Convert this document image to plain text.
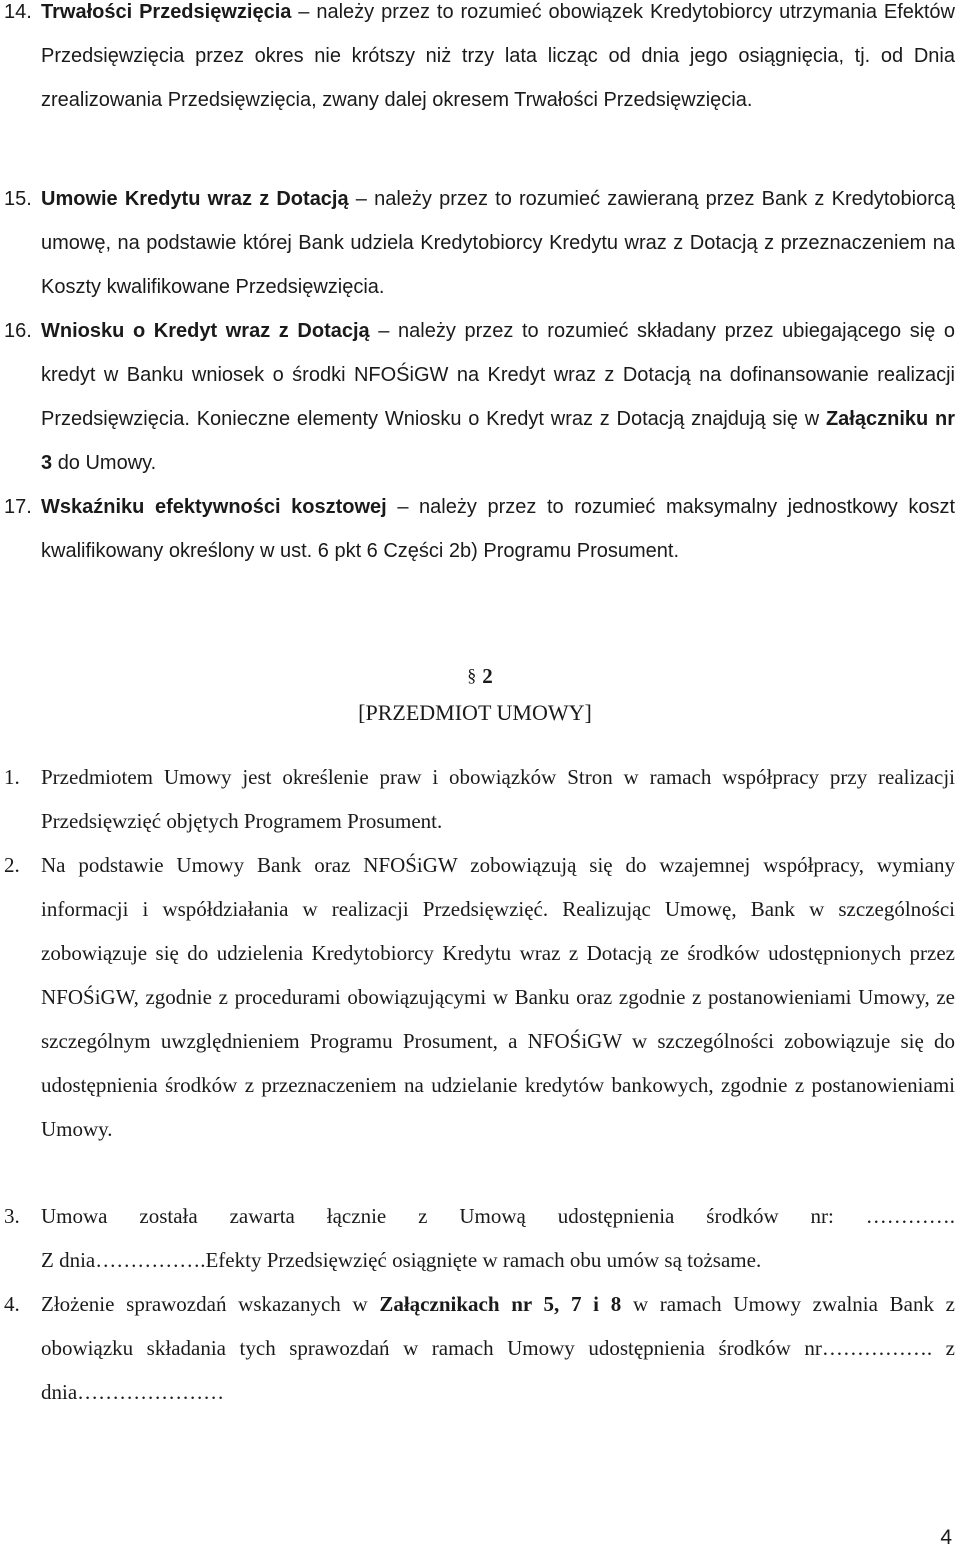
14. Trwałości Przedsięwzięcia – należy przez to rozumieć obowiązek Kredytobiorcy utrzymania Efektów Przedsięwzięcia przez okres nie krótszy niż trzy lata licząc od dnia jego osiągnięcia, tj. od Dnia zrealizowania Przedsięwzięcia, zwany dalej okresem Trwałości Przedsięwzięcia.
15. Umowie Kredytu wraz z Dotacją – należy przez to rozumieć zawieraną przez Bank z Kredytobiorcą umowę, na podstawie której Bank udziela Kredytobiorcy Kredytu wraz z Dotacją z przeznaczeniem na Koszty kwalifikowane Przedsięwzięcia.
16. Wniosku o Kredyt wraz z Dotacją – należy przez to rozumieć składany przez ubiegającego się o kredyt w Banku wniosek o środki NFOŚiGW na Kredyt wraz z Dotacją na dofinansowanie realizacji Przedsięwzięcia. Konieczne elementy Wniosku o Kredyt wraz z Dotacją znajdują się w Załączniku nr 3 do Umowy.
17. Wskaźniku efektywności kosztowej – należy przez to rozumieć maksymalny jednostkowy koszt kwalifikowany określony w ust. 6 pkt 6 Części 2b) Programu Prosument.
§ 2
[PRZEDMIOT UMOWY]
1. Przedmiotem Umowy jest określenie praw i obowiązków Stron w ramach współpracy przy realizacji Przedsięwzięć objętych Programem Prosument.
2. Na podstawie Umowy Bank oraz NFOŚiGW zobowiązują się do wzajemnej współpracy, wymiany informacji i współdziałania w realizacji Przedsięwzięć. Realizując Umowę, Bank w szczególności zobowiązuje się do udzielenia Kredytobiorcy Kredytu wraz z Dotacją ze środków udostępnionych przez NFOŚiGW, zgodnie z procedurami obowiązującymi w Banku oraz zgodnie z postanowieniami Umowy, ze szczególnym uwzględnieniem Programu Prosument, a NFOŚiGW w szczególności zobowiązuje się do udostępnienia środków z przeznaczeniem na udzielanie kredytów bankowych, zgodnie z postanowieniami Umowy.
3. Umowa została zawarta łącznie z Umową udostępnienia środków nr: ………….
Z dnia…………….Efekty Przedsięwzięć osiągnięte w ramach obu umów są tożsame.
4. Złożenie sprawozdań wskazanych w Załącznikach nr 5, 7 i 8 w ramach Umowy zwalnia Bank z obowiązku składania tych sprawozdań w ramach Umowy udostępnienia środków nr……………. z dnia…………………
4
